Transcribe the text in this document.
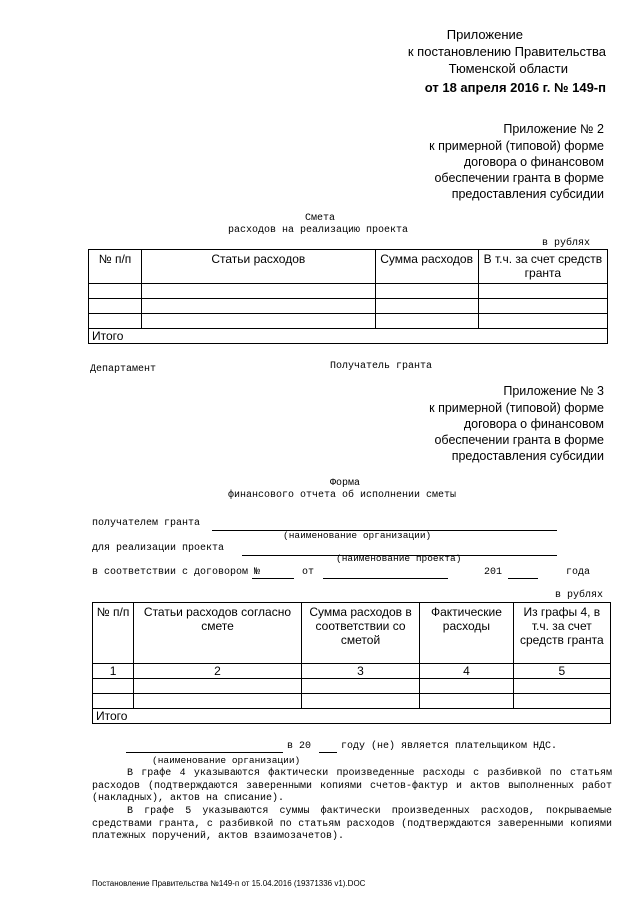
Приложение
к постановлению Правительства
Тюменской области
от 18 апреля 2016 г. № 149-п
Приложение № 2
к примерной (типовой) форме
договора о финансовом
обеспечении гранта в форме
предоставления субсидии
Смета
расходов на реализацию проекта
в рублях
№ п/п	Статьи расходов	Сумма расходов	В т.ч. за счет средств гранта

Итого			
Департамент	Получатель гранта
Приложение № 3
к примерной (типовой) форме
договора о финансовом
обеспечении гранта в форме
предоставления субсидии
Форма
финансового отчета об исполнении сметы
получателем гранта
(наименование организации)
для реализации проекта
(наименование проекта)
в соответствии с договором №	от	201	года
в рублях
№ п/п	Статьи расходов согласно смете	Сумма расходов в соответствии со сметой	Фактические расходы	Из графы 4, в т.ч. за счет средств гранта
1	2	3	4	5

Итого				
в 20	году (не) является плательщиком НДС.
(наименование организации)
В графе 4 указываются фактически произведенные расходы с разбивкой по статьям расходов (подтверждаются заверенными копиями счетов-фактур и актов выполненных работ (накладных), актов на списание).
В графе 5 указываются суммы фактически произведенных расходов, покрываемые средствами гранта, с разбивкой по статьям расходов (подтверждаются заверенными копиями платежных поручений, актов взаимозачетов).
Постановление Правительства №149-п от 15.04.2016 (19371336 v1).DOC
